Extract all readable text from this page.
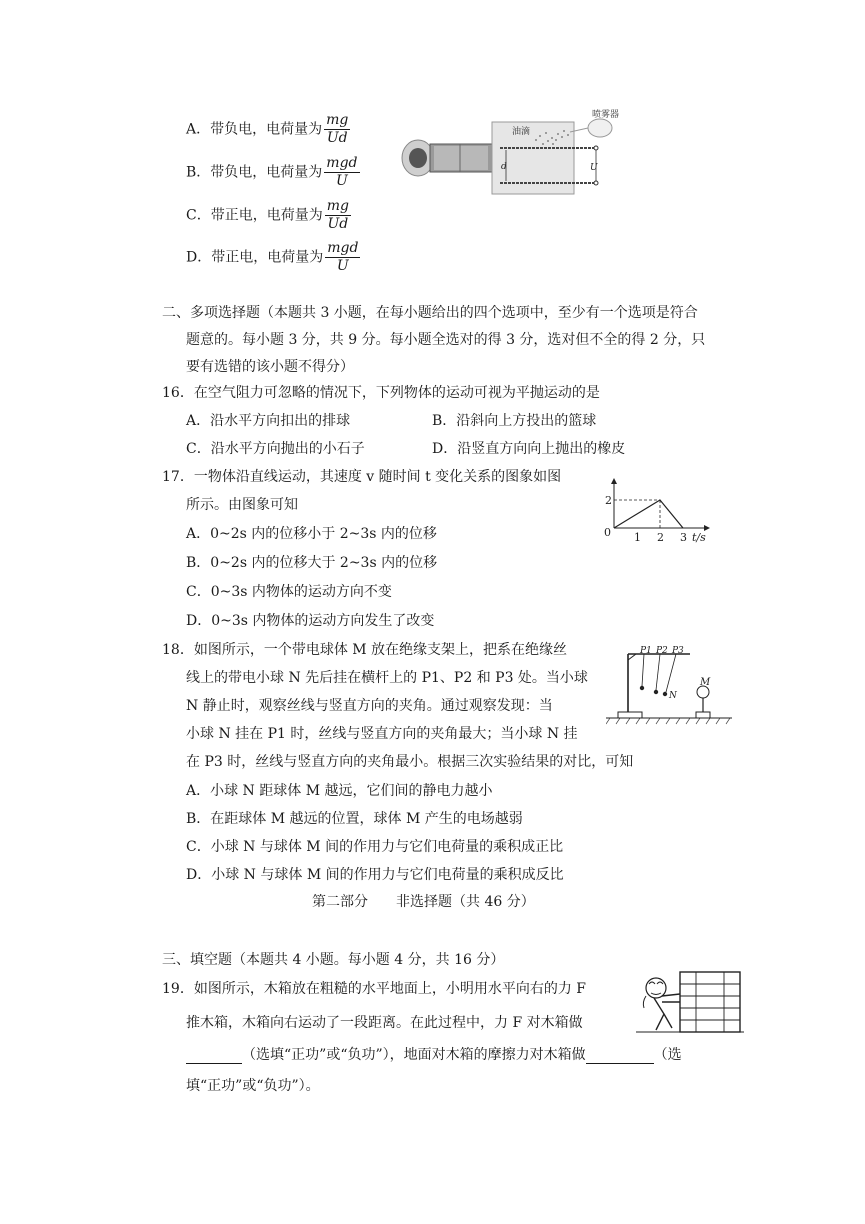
A．带负电，电荷量为 $\frac{mg}{Ud}$
B．带负电，电荷量为 $\frac{\text{mgd}}{U}$
C．带正电，电荷量为 $\frac{mg}{Ud}$
D．带正电，电荷量为 $\frac{\text{mgd}}{U}$
d	U
油滴
喷雾器
二、多项选择题（本题共 3 小题，在每小题给出的四个选项中，至少有一个选项是符合
题意的。每小题 3 分，共 9 分。每小题全选对的得 3 分，选对但不全的得 2 分，只
要有选错的该小题不得分）
16．在空气阻力可忽略的情况下，下列物体的运动可视为平抛运动的是
A．沿水平方向扣出的排球	B．沿斜向上方投出的篮球
C．沿水平方向抛出的小石子	D．沿竖直方向向上抛出的橡皮
17．一物体沿直线运动，其速度 v 随时间 t 变化关系的图象如图
所示。由图象可知
A．0~2s 内的位移小于 2~3s 内的位移
B．0~2s 内的位移大于 2~3s 内的位移
C．0~3s 内物体的运动方向不变
D．0~3s 内物体的运动方向发生了改变
2
0 1 2 3 t/s
18．如图所示，一个带电球体 M 放在绝缘支架上，把系在绝缘丝
线上的带电小球 N 先后挂在横杆上的 P1、P2 和 P3 处。当小球
N 静止时，观察丝线与竖直方向的夹角。通过观察发现：当
小球 N 挂在 P1 时，丝线与竖直方向的夹角最大；当小球 N 挂
在 P3 时，丝线与竖直方向的夹角最小。根据三次实验结果的对比，可知
A．小球 N 距球体 M 越远，它们间的静电力越小
B．在距球体 M 越远的位置，球体 M 产生的电场越弱
C．小球 N 与球体 M 间的作用力与它们电荷量的乘积成正比
D．小球 N 与球体 M 间的作用力与它们电荷量的乘积成反比
P1 P2 P3
N
M
第二部分　　非选择题（共 46 分）
三、填空题（本题共 4 小题。每小题 4 分，共 16 分）
19．如图所示，木箱放在粗糙的水平地面上，小明用水平向右的力 F
推木箱，木箱向右运动了一段距离。在此过程中，力 F 对木箱做
（选填“正功”或“负功”），地面对木箱的摩擦力对木箱做	（选
填“正功”或“负功”）。
